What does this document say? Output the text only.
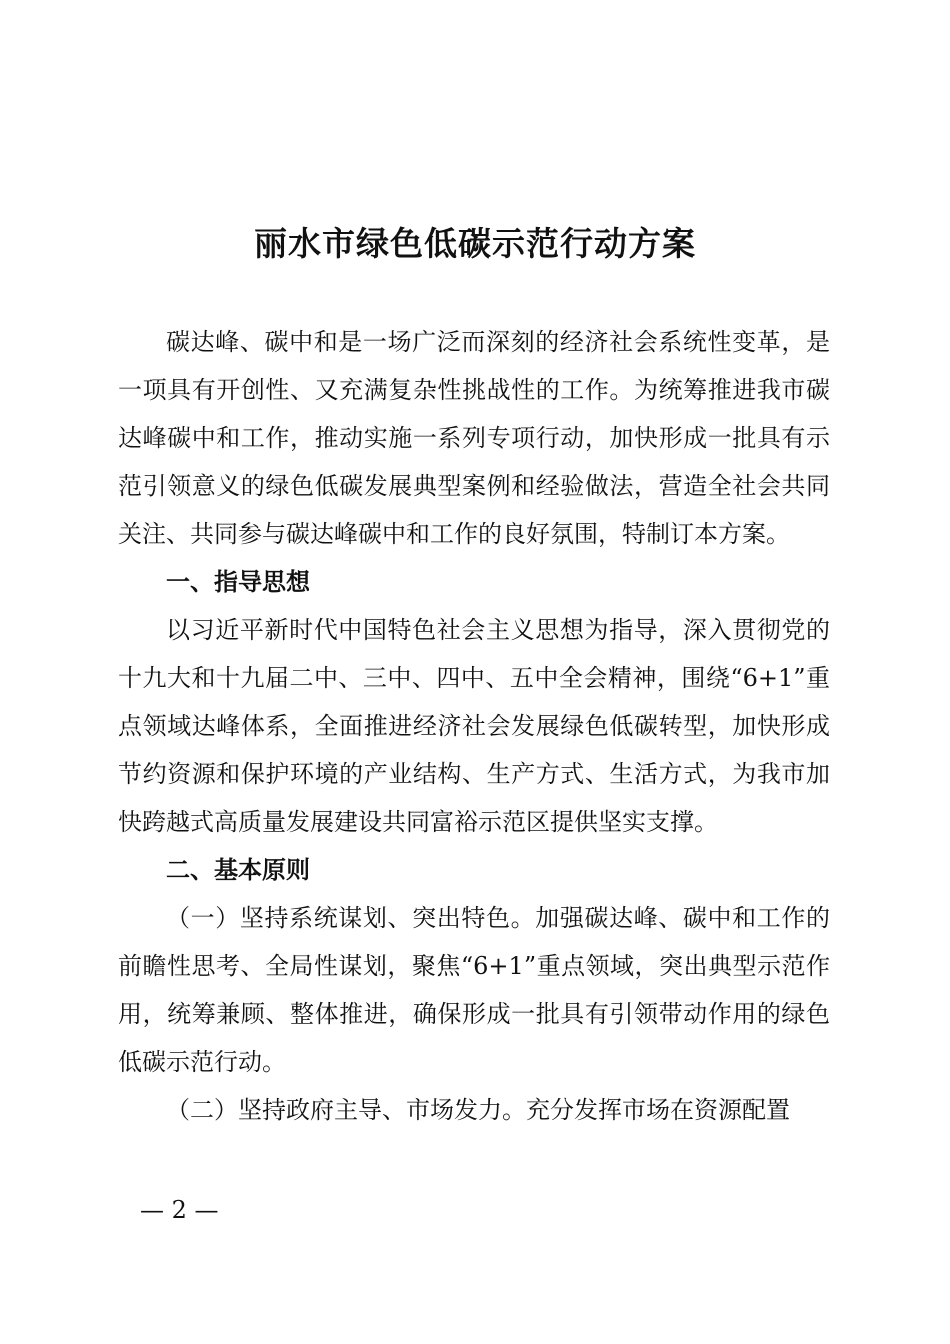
丽水市绿色低碳示范行动方案

碳达峰、碳中和是一场广泛而深刻的经济社会系统性变革，是一项具有开创性、又充满复杂性挑战性的工作。为统筹推进我市碳达峰碳中和工作，推动实施一系列专项行动，加快形成一批具有示范引领意义的绿色低碳发展典型案例和经验做法，营造全社会共同关注、共同参与碳达峰碳中和工作的良好氛围，特制订本方案。

一、指导思想

以习近平新时代中国特色社会主义思想为指导，深入贯彻党的十九大和十九届二中、三中、四中、五中全会精神，围绕“6+1”重点领域达峰体系，全面推进经济社会发展绿色低碳转型，加快形成节约资源和保护环境的产业结构、生产方式、生活方式，为我市加快跨越式高质量发展建设共同富裕示范区提供坚实支撑。

二、基本原则

（一）坚持系统谋划、突出特色。加强碳达峰、碳中和工作的前瞻性思考、全局性谋划，聚焦“6+1”重点领域，突出典型示范作用，统筹兼顾、整体推进，确保形成一批具有引领带动作用的绿色低碳示范行动。

（二）坚持政府主导、市场发力。充分发挥市场在资源配置

— 2 —
